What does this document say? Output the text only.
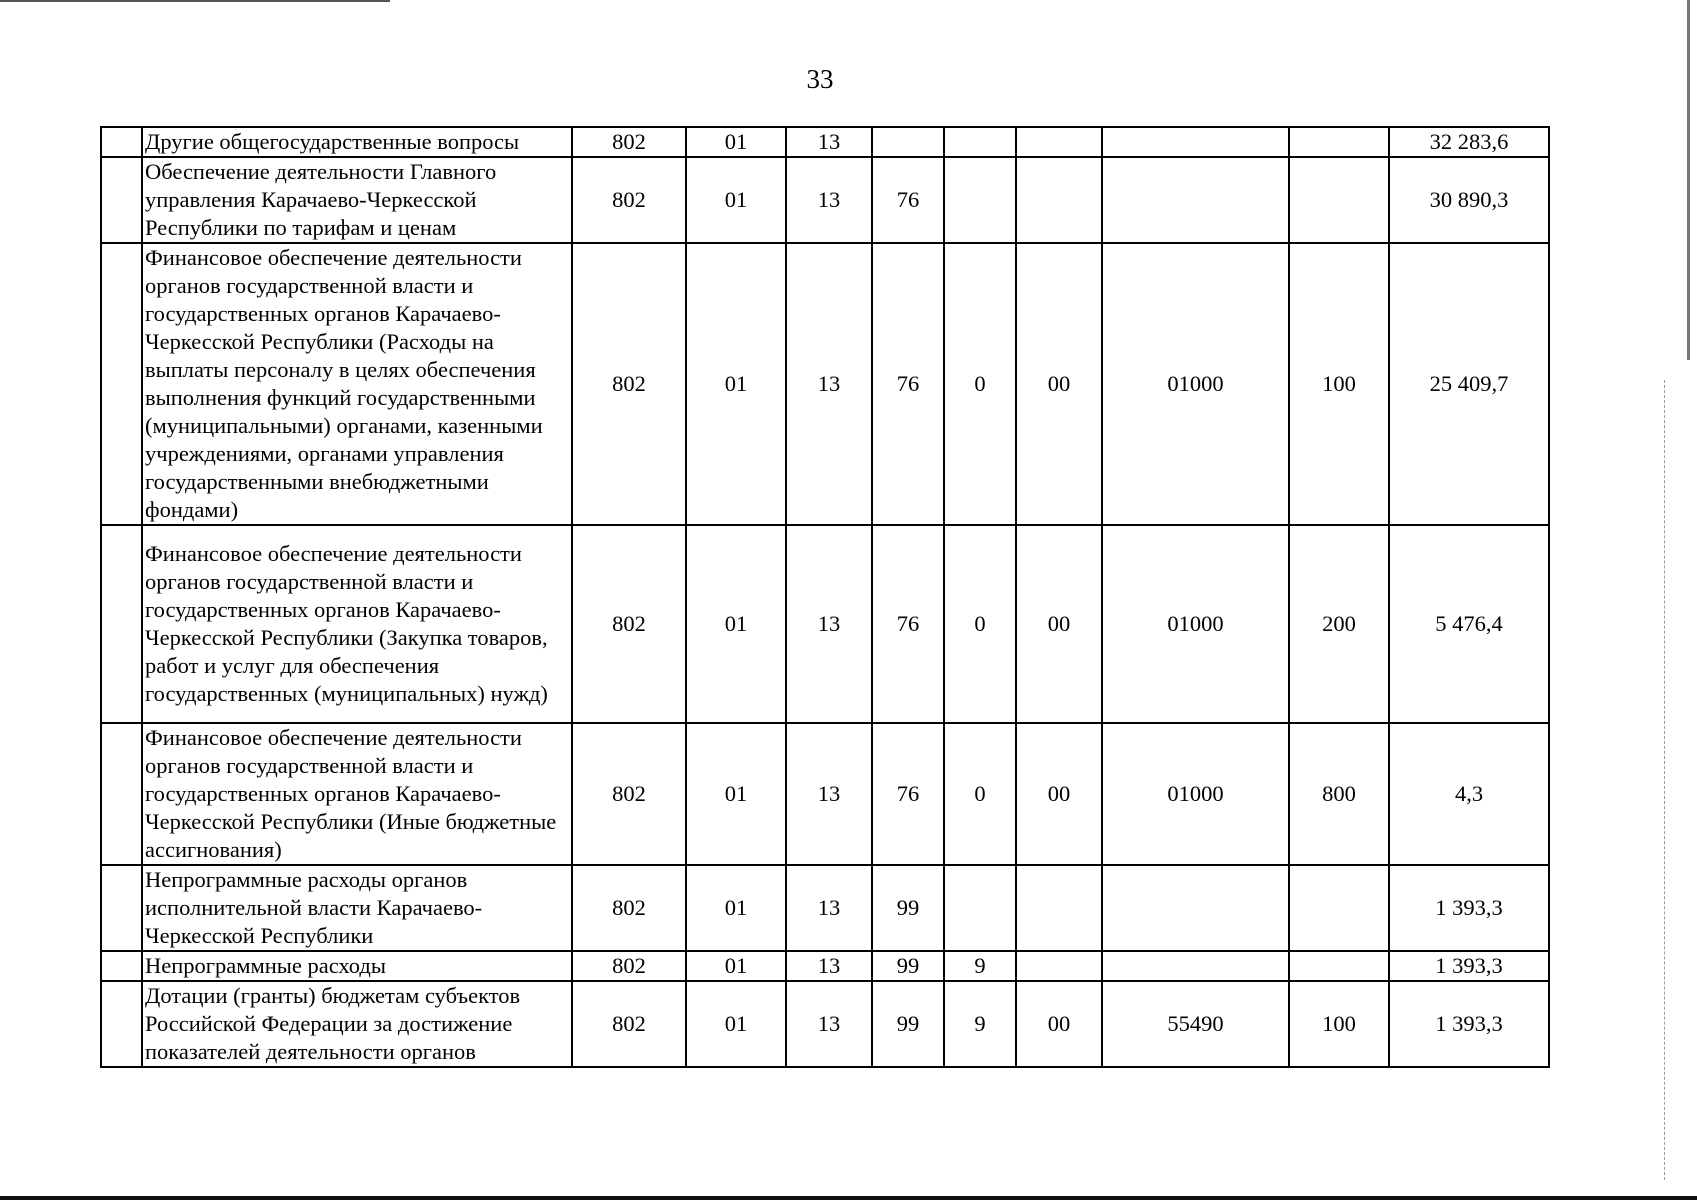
33
	Другие общегосударственные вопросы	802	01	13						32 283,6
	Обеспечение деятельности Главного управления Карачаево-Черкесской Республики по тарифам и ценам	802	01	13	76					30 890,3
	Финансовое обеспечение деятельности органов государственной власти и государственных органов Карачаево-Черкесской Республики (Расходы на выплаты персоналу в целях обеспечения выполнения функций государственными (муниципальными) органами, казенными учреждениями, органами управления государственными внебюджетными фондами)	802	01	13	76	0	00	01000	100	25 409,7
	Финансовое обеспечение деятельности органов государственной власти и государственных органов Карачаево-Черкесской Республики (Закупка товаров, работ и услуг для обеспечения государственных (муниципальных) нужд)	802	01	13	76	0	00	01000	200	5 476,4
	Финансовое обеспечение деятельности органов государственной власти и государственных органов Карачаево-Черкесской Республики (Иные бюджетные ассигнования)	802	01	13	76	0	00	01000	800	4,3
	Непрограммные расходы органов исполнительной власти Карачаево-Черкесской Республики	802	01	13	99					1 393,3
	Непрограммные расходы	802	01	13	99	9				1 393,3
	Дотации (гранты) бюджетам субъектов Российской Федерации за достижение показателей деятельности органов	802	01	13	99	9	00	55490	100	1 393,3
